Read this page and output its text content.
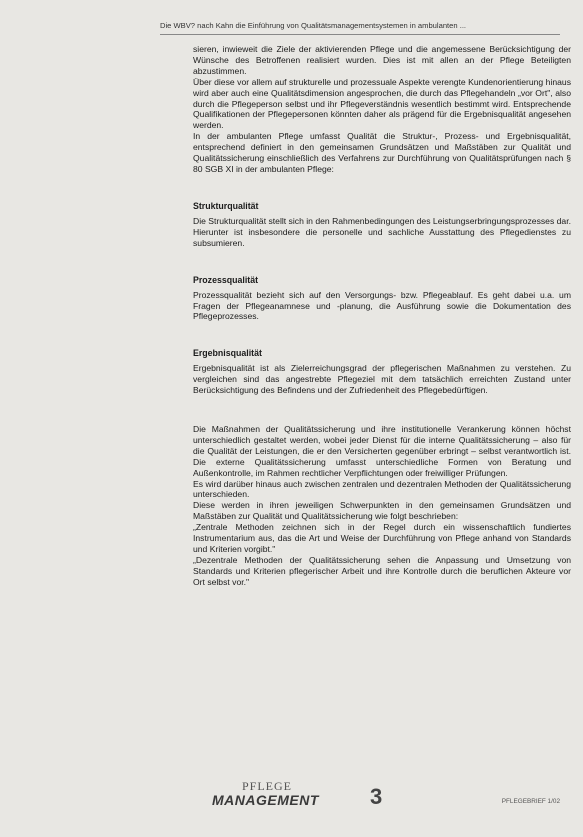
Die WBV? nach Kahn die Einführung von Qualitätsmanagementsystemen in ambulanten ...

sieren, inwieweit die Ziele der aktivierenden Pflege und die angemessene Berücksichtigung der Wünsche des Betroffenen realisiert wurden. Dies ist mit allen an der Pflege Beteiligten abzustimmen.

Über diese vor allem auf strukturelle und prozessuale Aspekte verengte Kundenorientierung hinaus wird aber auch eine Qualitätsdimension angesprochen, die durch das Pflegehandeln „vor Ort", also durch die Pflegeperson selbst und ihr Pflegeverständnis wesentlich bestimmt wird. Entsprechende Qualifikationen der Pflegepersonen könnten daher als prägend für die Ergebnisqualität angesehen werden.

In der ambulanten Pflege umfasst Qualität die Struktur-, Prozess- und Ergebnisqualität, entsprechend definiert in den gemeinsamen Grundsätzen und Maßstäben zur Qualität und Qualitätssicherung einschließlich des Verfahrens zur Durchführung von Qualitätsprüfungen nach § 80 SGB XI in der ambulanten Pflege:

Strukturqualität

Die Strukturqualität stellt sich in den Rahmenbedingungen des Leistungserbringungsprozesses dar. Hierunter ist insbesondere die personelle und sachliche Ausstattung des Pflegedienstes zu subsumieren.

Prozessqualität

Prozessqualität bezieht sich auf den Versorgungs- bzw. Pflegeablauf. Es geht dabei u.a. um Fragen der Pflegeanamnese und -planung, die Ausführung sowie die Dokumentation des Pflegeprozesses.

Ergebnisqualität

Ergebnisqualität ist als Zielerreichungsgrad der pflegerischen Maßnahmen zu verstehen. Zu vergleichen sind das angestrebte Pflegeziel mit dem tatsächlich erreichten Zustand unter Berücksichtigung des Befindens und der Zufriedenheit des Pflegebedürftigen.

Die Maßnahmen der Qualitätssicherung und ihre institutionelle Verankerung können höchst unterschiedlich gestaltet werden, wobei jeder Dienst für die interne Qualitätssicherung – also für die Qualität der Leistungen, die er den Versicherten gegenüber erbringt – selbst verantwortlich ist. Die externe Qualitätssicherung umfasst unterschiedliche Formen von Beratung und Außenkontrolle, im Rahmen rechtlicher Verpflichtungen oder freiwilliger Prüfungen.

Es wird darüber hinaus auch zwischen zentralen und dezentralen Methoden der Qualitätssicherung unterschieden.

Diese werden in ihren jeweiligen Schwerpunkten in den gemeinsamen Grundsätzen und Maßstäben zur Qualität und Qualitätssicherung wie folgt beschrieben:

„Zentrale Methoden zeichnen sich in der Regel durch ein wissenschaftlich fundiertes Instrumentarium aus, das die Art und Weise der Durchführung von Pflege anhand von Standards und Kriterien vorgibt."

„Dezentrale Methoden der Qualitätssicherung sehen die Anpassung und Umsetzung von Standards und Kriterien pflegerischer Arbeit und ihre Kontrolle durch die beruflichen Akteure vor Ort selbst vor."

PFLEGE
MANAGEMENT 3	PFLEGEBRIEF 1/02
